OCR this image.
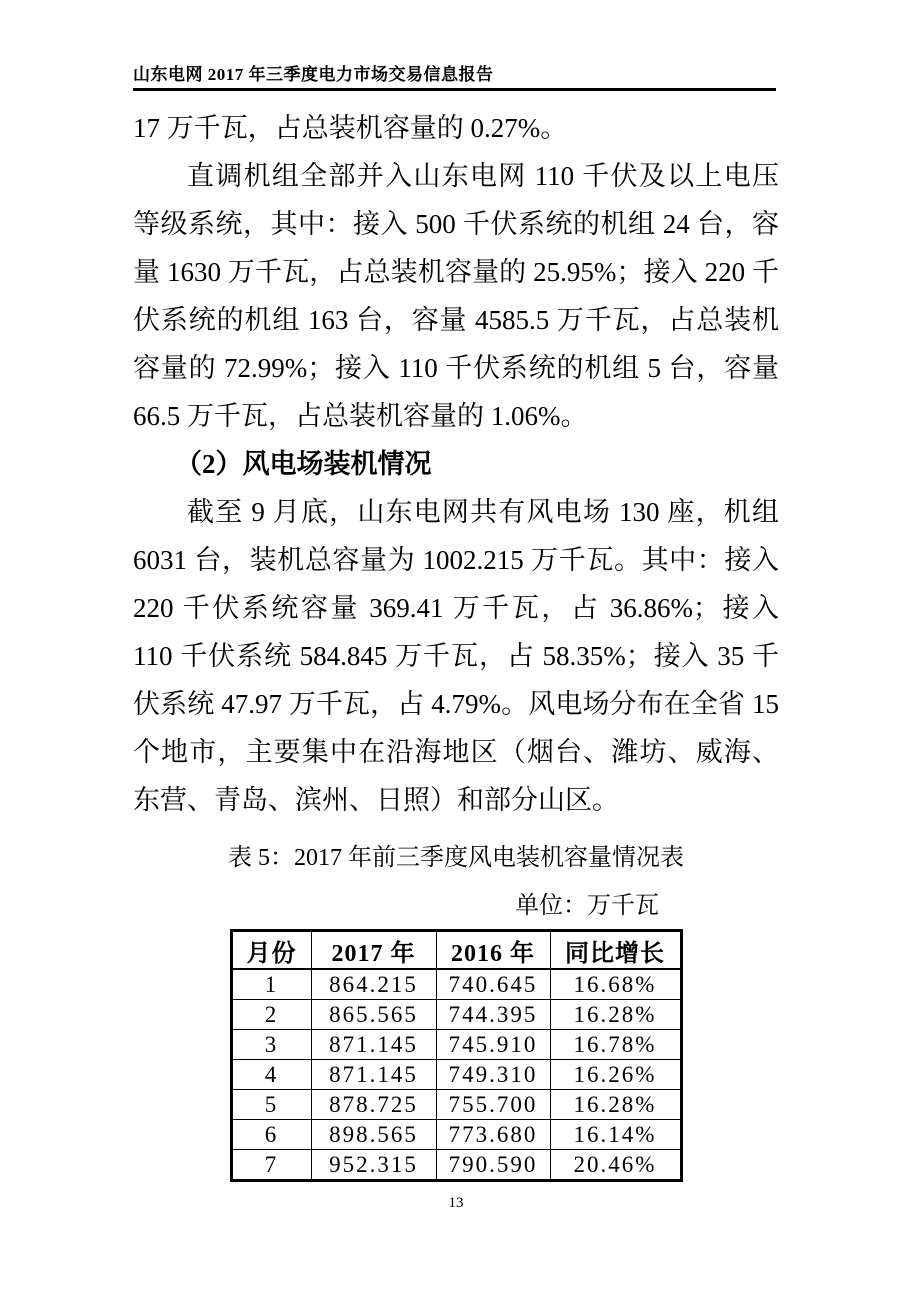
山东电网 2017 年三季度电力市场交易信息报告

17 万千瓦，占总装机容量的 0.27%。

直调机组全部并入山东电网 110 千伏及以上电压等级系统，其中：接入 500 千伏系统的机组 24 台，容量 1630 万千瓦，占总装机容量的 25.95%；接入 220 千伏系统的机组 163 台，容量 4585.5 万千瓦，占总装机容量的 72.99%；接入 110 千伏系统的机组 5 台，容量 66.5 万千瓦，占总装机容量的 1.06%。

（2）风电场装机情况

截至 9 月底，山东电网共有风电场 130 座，机组 6031 台，装机总容量为 1002.215 万千瓦。其中：接入 220 千伏系统容量 369.41 万千瓦，占 36.86%；接入 110 千伏系统 584.845 万千瓦，占 58.35%；接入 35 千伏系统 47.97 万千瓦，占 4.79%。风电场分布在全省 15 个地市，主要集中在沿海地区（烟台、潍坊、威海、东营、青岛、滨州、日照）和部分山区。

表 5：2017 年前三季度风电装机容量情况表
单位：万千瓦
月份	2017 年	2016 年	同比增长
1	864.215	740.645	16.68%
2	865.565	744.395	16.28%
3	871.145	745.910	16.78%
4	871.145	749.310	16.26%
5	878.725	755.700	16.28%
6	898.565	773.680	16.14%
7	952.315	790.590	20.46%
13
